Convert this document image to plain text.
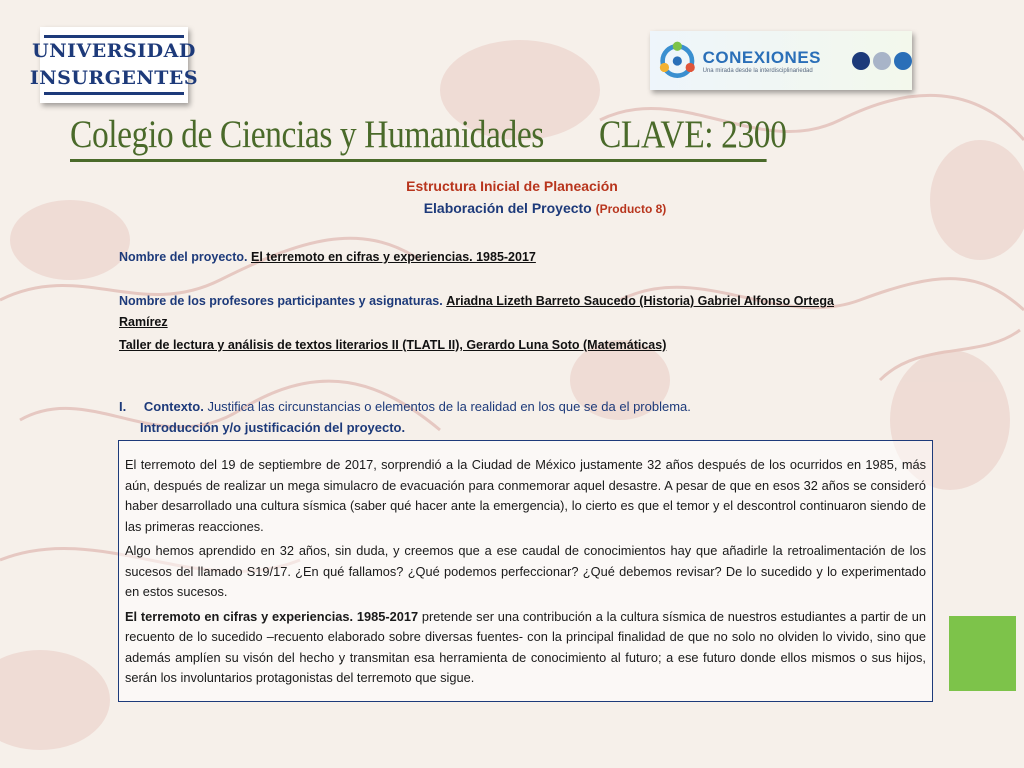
UNIVERSIDAD
INSURGENTES
CONEXIONES
Una mirada desde la interdisciplinariedad
Colegio de Ciencias y Humanidades CLAVE: 2300
Estructura Inicial de Planeación
Elaboración del Proyecto (Producto 8)
Nombre del proyecto. El terremoto en cifras y experiencias. 1985-2017
Nombre de los profesores participantes y asignaturas. Ariadna Lizeth Barreto Saucedo (Historia) Gabriel Alfonso Ortega
Ramírez
Taller de lectura y análisis de textos literarios II (TLATL II), Gerardo Luna Soto (Matemáticas)
I. Contexto. Justifica las circunstancias o elementos de la realidad en los que se da el problema.
Introducción y/o justificación del proyecto.

El terremoto del 19 de septiembre de 2017, sorprendió a la Ciudad de México justamente 32 años después de los ocurridos en 1985, más aún, después de realizar un mega simulacro de evacuación para conmemorar aquel desastre. A pesar de que en esos 32 años se consideró haber desarrollado una cultura sísmica (saber qué hacer ante la emergencia), lo cierto es que el temor y el descontrol continuaron siendo de las primeras reacciones.

Algo hemos aprendido en 32 años, sin duda, y creemos que a ese caudal de conocimientos hay que añadirle la retroalimentación de los sucesos del llamado S19/17. ¿En qué fallamos? ¿Qué podemos perfeccionar? ¿Qué debemos revisar? De lo sucedido y lo experimentado en estos sucesos.

El terremoto en cifras y experiencias. 1985-2017 pretende ser una contribución a la cultura sísmica de nuestros estudiantes a partir de un recuento de lo sucedido –recuento elaborado sobre diversas fuentes- con la principal finalidad de que no solo no olviden lo vivido, sino que además amplíen su visón del hecho y transmitan esa herramienta de conocimiento al futuro; a ese futuro donde ellos mismos o sus hijos, serán los involuntarios protagonistas del terremoto que sigue.
